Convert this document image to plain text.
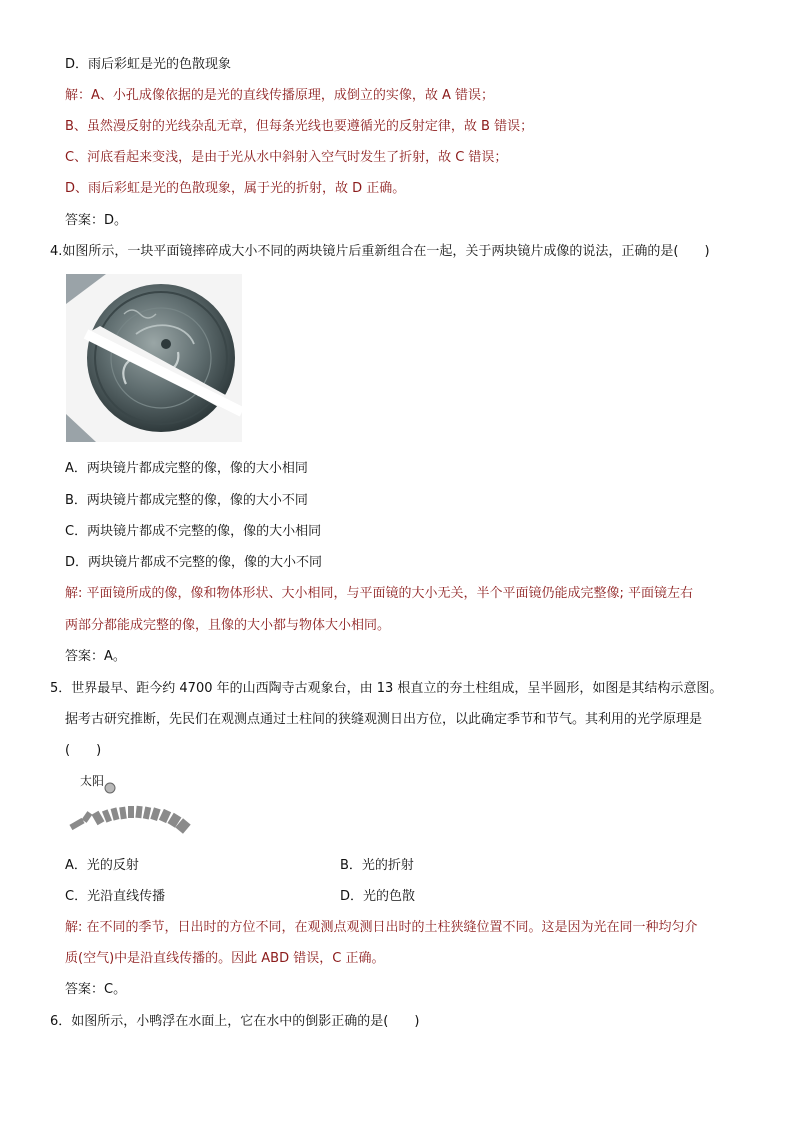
D．雨后彩虹是光的色散现象
解：A、小孔成像依据的是光的直线传播原理，成倒立的实像，故 A 错误；
B、虽然漫反射的光线杂乱无章，但每条光线也要遵循光的反射定律，故 B 错误；
C、河底看起来变浅，是由于光从水中斜射入空气时发生了折射，故 C 错误；
D、雨后彩虹是光的色散现象，属于光的折射，故 D 正确。
答案：D。
4.如图所示，一块平面镜摔碎成大小不同的两块镜片后重新组合在一起，关于两块镜片成像的说法，正确的是(　　)
A．两块镜片都成完整的像，像的大小相同
B．两块镜片都成完整的像，像的大小不同
C．两块镜片都成不完整的像，像的大小相同
D．两块镜片都成不完整的像，像的大小不同
解: 平面镜所成的像，像和物体形状、大小相同，与平面镜的大小无关，半个平面镜仍能成完整像; 平面镜左右
两部分都能成完整的像，且像的大小都与物体大小相同。
答案：A。
5．世界最早、距今约 4700 年的山西陶寺古观象台，由 13 根直立的夯土柱组成，呈半圆形，如图是其结构示意图。
据考古研究推断，先民们在观测点通过土柱间的狭缝观测日出方位，以此确定季节和节气。其利用的光学原理是
(　　)
太阳
A．光的反射	B．光的折射
C．光沿直线传播	D．光的色散
解: 在不同的季节，日出时的方位不同，在观测点观测日出时的土柱狭缝位置不同。这是因为光在同一种均匀介
质(空气)中是沿直线传播的。因此 ABD 错误，C 正确。
答案：C。
6．如图所示，小鸭浮在水面上，它在水中的倒影正确的是(　　)
